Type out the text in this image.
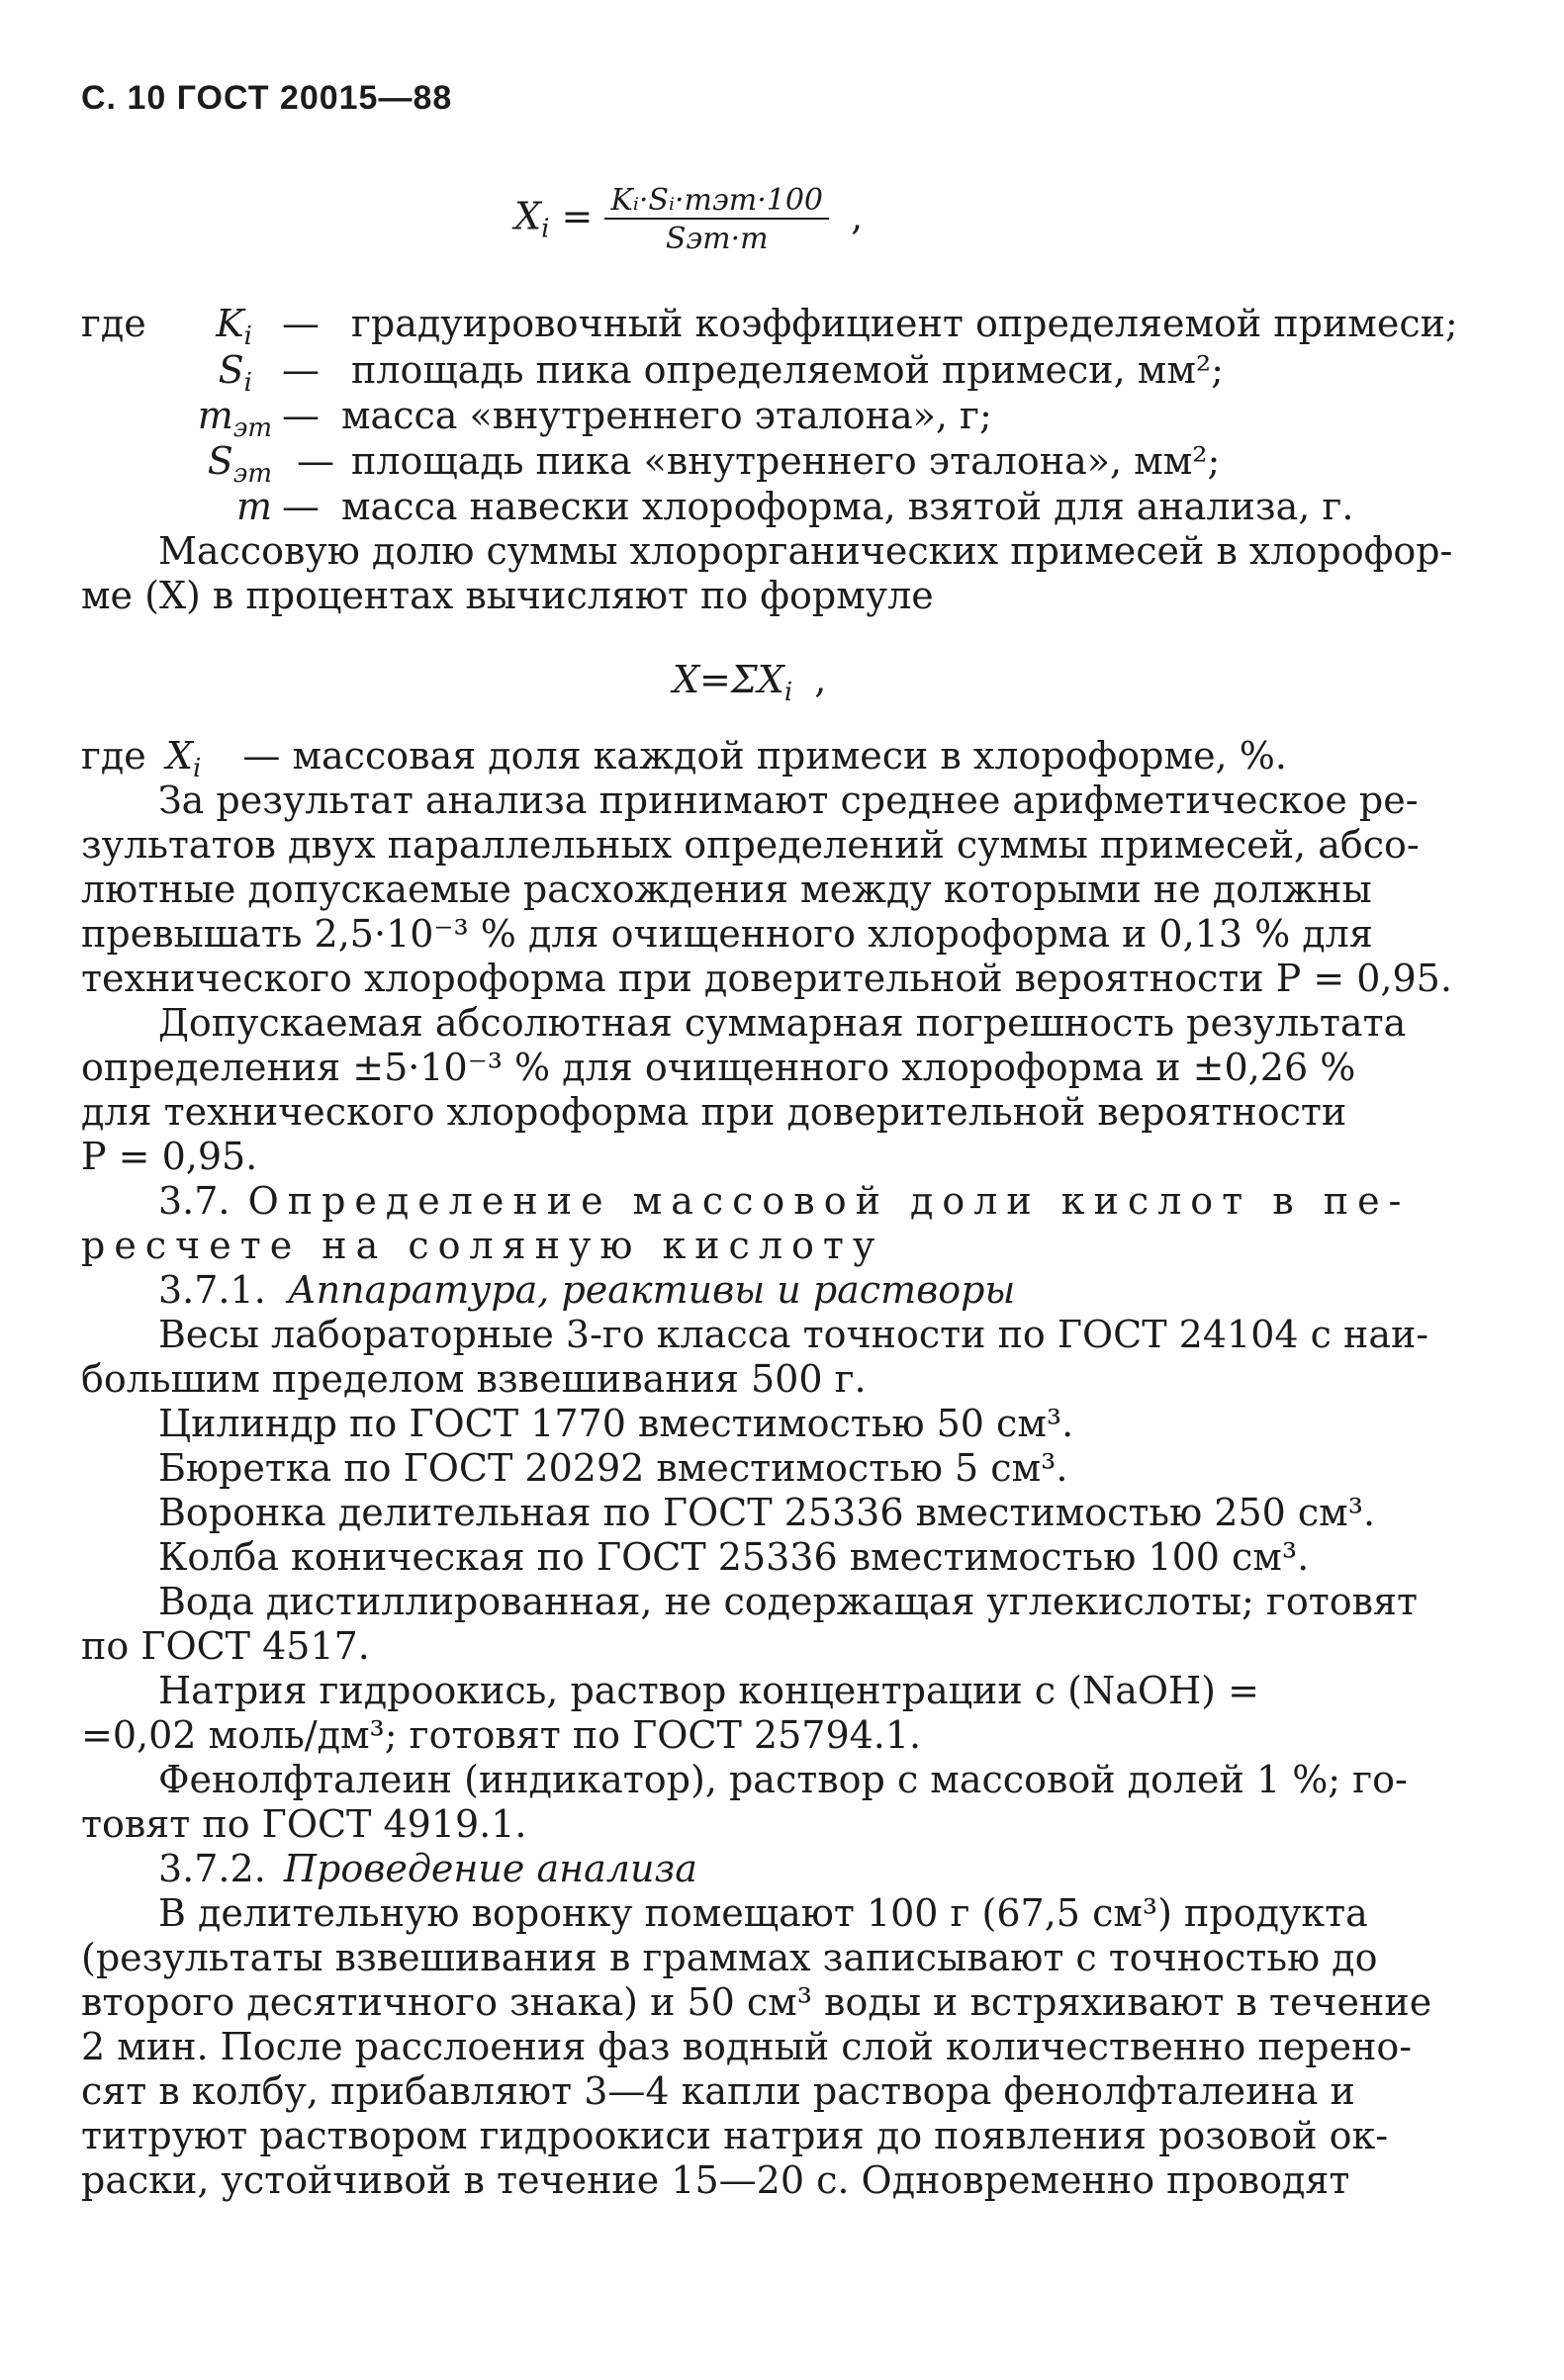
С. 10 ГОСТ 20015—88
$X_i = \frac{\text{Kᵢ·Sᵢ·mэт·100}}{\text{Sэт·m}}$ ,
где	$K_i$ — градуировочный коэффициент определяемой примеси;
$S_i$ — площадь пика определяемой примеси, мм²;
$m_{эт}$ — масса «внутреннего эталона», г;
$S_{эт}$ — площадь пика «внутреннего эталона», мм²;
m — масса навески хлороформа, взятой для анализа, г.
Массовую долю суммы хлорорганических примесей в хлорофор-
ме (X) в процентах вычисляют по формуле
$X=\Sigma X_i$ ,
где $X_i$ — массовая доля каждой примеси в хлороформе, %.
За результат анализа принимают среднее арифметическое ре-
зультатов двух параллельных определений суммы примесей, абсо-
лютные допускаемые расхождения между которыми не должны
превышать 2,5·10⁻³ % для очищенного хлороформа и 0,13 % для
технического хлороформа при доверительной вероятности P = 0,95.
Допускаемая абсолютная суммарная погрешность результата
определения ±5·10⁻³ % для очищенного хлороформа и ±0,26 %
для технического хлороформа при доверительной вероятности
P = 0,95.
3.7. Определение массовой доли кислот в пе-
ресчете на соляную кислоту
3.7.1. Аппаратура, реактивы и растворы
Весы лабораторные 3-го класса точности по ГОСТ 24104 с наи-
большим пределом взвешивания 500 г.
Цилиндр по ГОСТ 1770 вместимостью 50 см³.
Бюретка по ГОСТ 20292 вместимостью 5 см³.
Воронка делительная по ГОСТ 25336 вместимостью 250 см³.
Колба коническая по ГОСТ 25336 вместимостью 100 см³.
Вода дистиллированная, не содержащая углекислоты; готовят
по ГОСТ 4517.
Натрия гидроокись, раствор концентрации c (NaOH) =
=0,02 моль/дм³; готовят по ГОСТ 25794.1.
Фенолфталеин (индикатор), раствор с массовой долей 1 %; го-
товят по ГОСТ 4919.1.
3.7.2. Проведение анализа
В делительную воронку помещают 100 г (67,5 см³) продукта
(результаты взвешивания в граммах записывают с точностью до
второго десятичного знака) и 50 см³ воды и встряхивают в течение
2 мин. После расслоения фаз водный слой количественно перено-
сят в колбу, прибавляют 3—4 капли раствора фенолфталеина и
титруют раствором гидроокиси натрия до появления розовой ок-
раски, устойчивой в течение 15—20 с. Одновременно проводят
